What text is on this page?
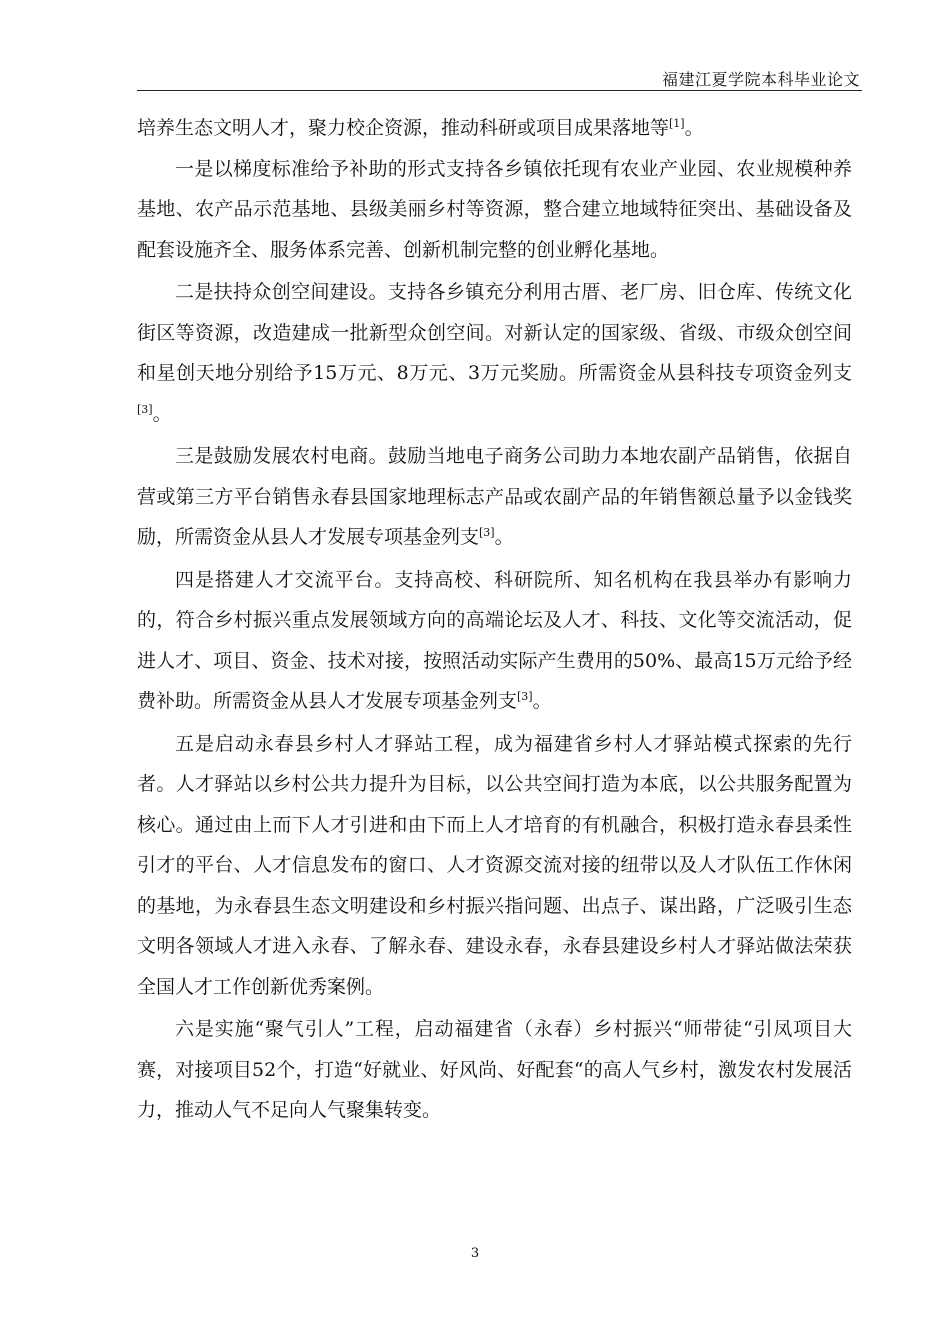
福建江夏学院本科毕业论文

培养生态文明人才，聚力校企资源，推动科研或项目成果落地等[1]。

一是以梯度标准给予补助的形式支持各乡镇依托现有农业产业园、农业规模种养基地、农产品示范基地、县级美丽乡村等资源，整合建立地域特征突出、基础设备及配套设施齐全、服务体系完善、创新机制完整的创业孵化基地。

二是扶持众创空间建设。支持各乡镇充分利用古厝、老厂房、旧仓库、传统文化街区等资源，改造建成一批新型众创空间。对新认定的国家级、省级、市级众创空间和星创天地分别给予15万元、8万元、3万元奖励。所需资金从县科技专项资金列支[3]。

三是鼓励发展农村电商。鼓励当地电子商务公司助力本地农副产品销售，依据自营或第三方平台销售永春县国家地理标志产品或农副产品的年销售额总量予以金钱奖励，所需资金从县人才发展专项基金列支[3]。

四是搭建人才交流平台。支持高校、科研院所、知名机构在我县举办有影响力的，符合乡村振兴重点发展领域方向的高端论坛及人才、科技、文化等交流活动，促进人才、项目、资金、技术对接，按照活动实际产生费用的50%、最高15万元给予经费补助。所需资金从县人才发展专项基金列支[3]。

五是启动永春县乡村人才驿站工程，成为福建省乡村人才驿站模式探索的先行者。人才驿站以乡村公共力提升为目标，以公共空间打造为本底，以公共服务配置为核心。通过由上而下人才引进和由下而上人才培育的有机融合，积极打造永春县柔性引才的平台、人才信息发布的窗口、人才资源交流对接的纽带以及人才队伍工作休闲的基地，为永春县生态文明建设和乡村振兴指问题、出点子、谋出路，广泛吸引生态文明各领域人才进入永春、了解永春、建设永春，永春县建设乡村人才驿站做法荣获全国人才工作创新优秀案例。

六是实施“聚气引人”工程，启动福建省（永春）乡村振兴“师带徒“引凤项目大赛，对接项目52个，打造“好就业、好风尚、好配套“的高人气乡村，激发农村发展活力，推动人气不足向人气聚集转变。

3
